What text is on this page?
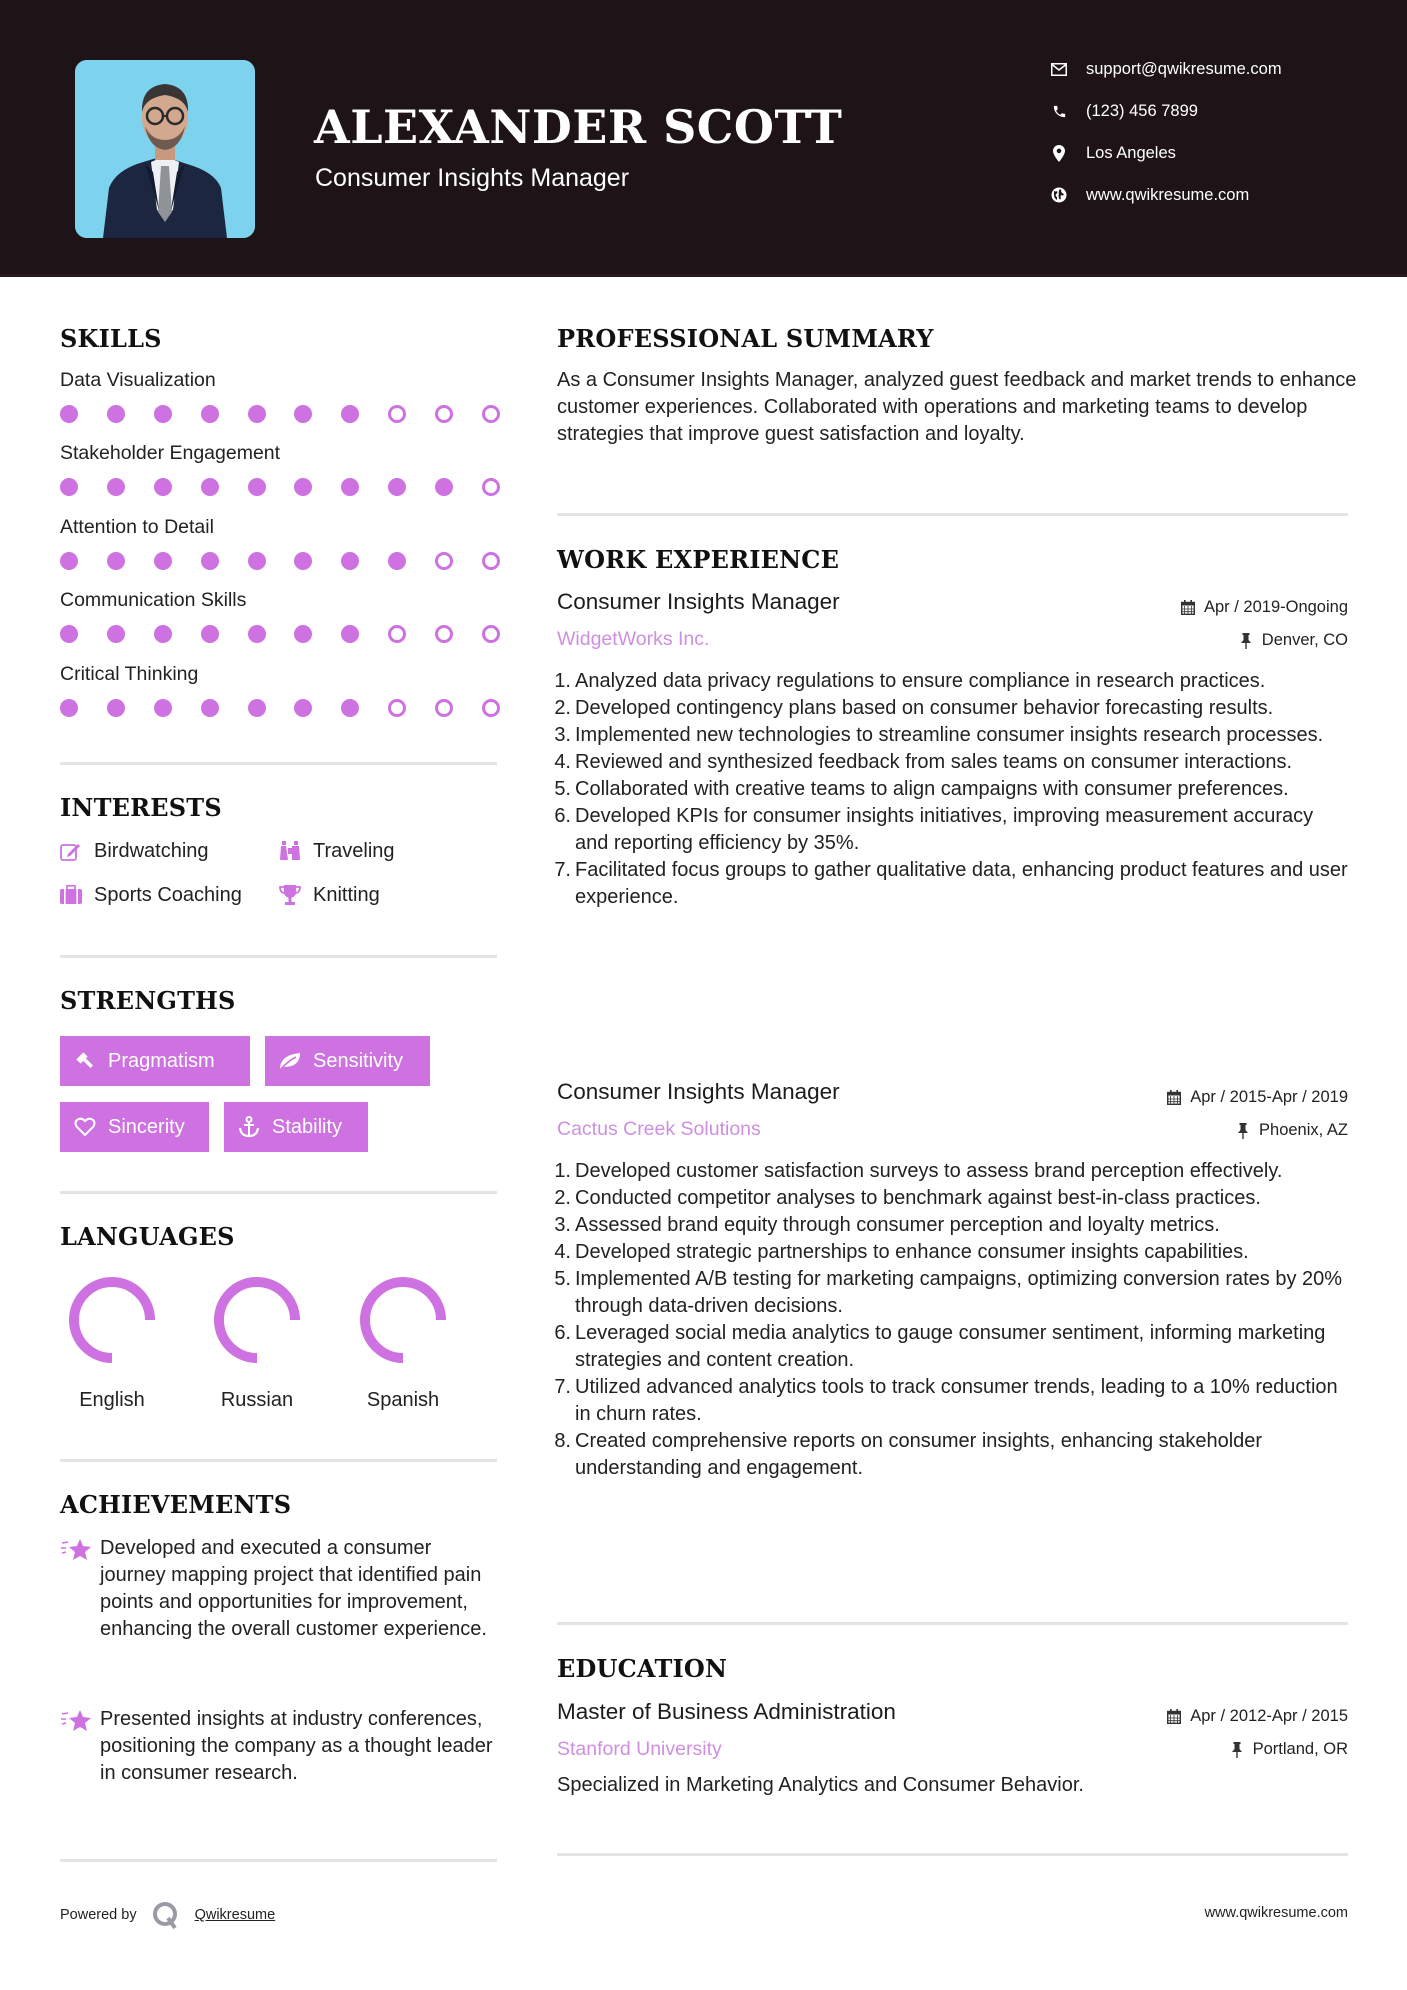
ALEXANDER SCOTT
Consumer Insights Manager
support@qwikresume.com
(123) 456 7899
Los Angeles
www.qwikresume.com
SKILLS
Data Visualization
Stakeholder Engagement
Attention to Detail
Communication Skills
Critical Thinking
INTERESTS
Birdwatching	Traveling
Sports Coaching	Knitting
STRENGTHS
Pragmatism	Sensitivity
Sincerity	Stability
LANGUAGES
English	Russian	Spanish
ACHIEVEMENTS
Developed and executed a consumer journey mapping project that identified pain points and opportunities for improvement, enhancing the overall customer experience.
Presented insights at industry conferences, positioning the company as a thought leader in consumer research.
PROFESSIONAL SUMMARY
As a Consumer Insights Manager, analyzed guest feedback and market trends to enhance customer experiences. Collaborated with operations and marketing teams to develop strategies that improve guest satisfaction and loyalty.
WORK EXPERIENCE
Consumer Insights Manager	Apr / 2019-Ongoing
WidgetWorks Inc.	Denver, CO
1. Analyzed data privacy regulations to ensure compliance in research practices.
2. Developed contingency plans based on consumer behavior forecasting results.
3. Implemented new technologies to streamline consumer insights research processes.
4. Reviewed and synthesized feedback from sales teams on consumer interactions.
5. Collaborated with creative teams to align campaigns with consumer preferences.
6. Developed KPIs for consumer insights initiatives, improving measurement accuracy and reporting efficiency by 35%.
7. Facilitated focus groups to gather qualitative data, enhancing product features and user experience.
Consumer Insights Manager	Apr / 2015-Apr / 2019
Cactus Creek Solutions	Phoenix, AZ
1. Developed customer satisfaction surveys to assess brand perception effectively.
2. Conducted competitor analyses to benchmark against best-in-class practices.
3. Assessed brand equity through consumer perception and loyalty metrics.
4. Developed strategic partnerships to enhance consumer insights capabilities.
5. Implemented A/B testing for marketing campaigns, optimizing conversion rates by 20% through data-driven decisions.
6. Leveraged social media analytics to gauge consumer sentiment, informing marketing strategies and content creation.
7. Utilized advanced analytics tools to track consumer trends, leading to a 10% reduction in churn rates.
8. Created comprehensive reports on consumer insights, enhancing stakeholder understanding and engagement.
EDUCATION
Master of Business Administration	Apr / 2012-Apr / 2015
Stanford University	Portland, OR
Specialized in Marketing Analytics and Consumer Behavior.
Powered by	Qwikresume	www.qwikresume.com
